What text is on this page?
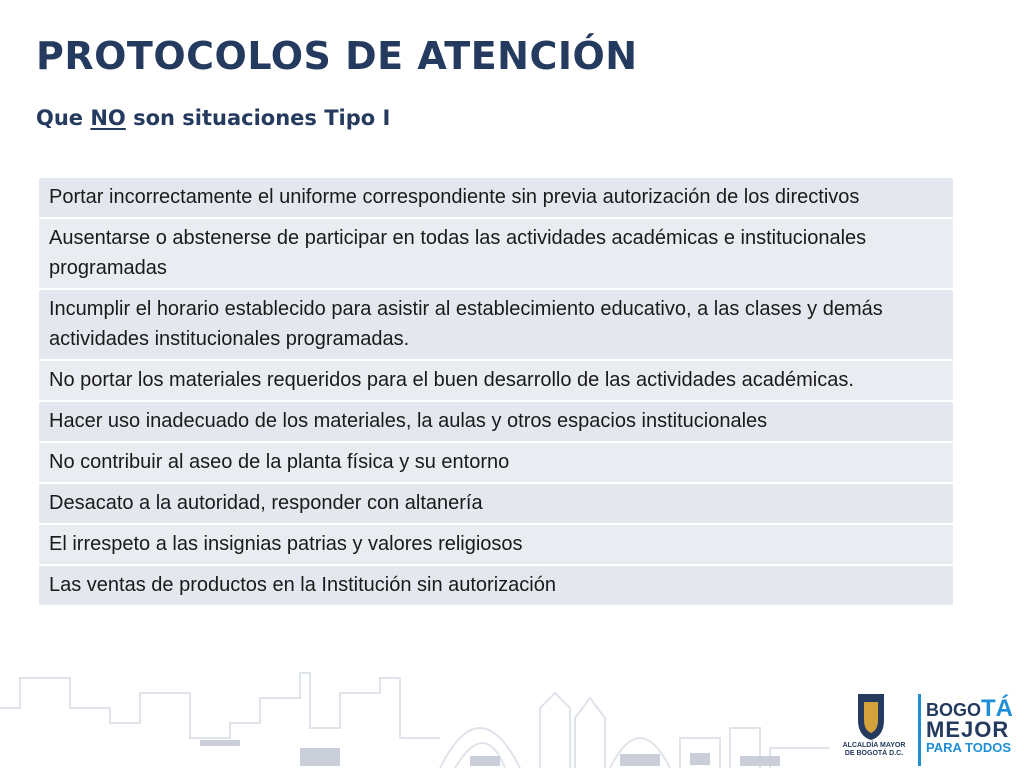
PROTOCOLOS DE ATENCIÓN
Que NO son situaciones Tipo I
Portar incorrectamente el uniforme correspondiente sin previa autorización de los directivos
Ausentarse o abstenerse de participar en todas las actividades académicas e institucionales programadas
Incumplir el horario establecido para asistir al establecimiento educativo, a las clases y demás actividades institucionales programadas.
No portar los materiales requeridos para el buen desarrollo de las actividades académicas.
Hacer uso inadecuado de los materiales, la aulas y otros espacios institucionales
No contribuir al aseo de la planta física y su entorno
Desacato a la autoridad, responder con altanería
El irrespeto a las insignias patrias y valores religiosos
Las ventas de productos en la Institución sin autorización
ALCALDÍA MAYOR
DE BOGOTÁ D.C.
BOGOTÁ
MEJOR
PARA TODOS
